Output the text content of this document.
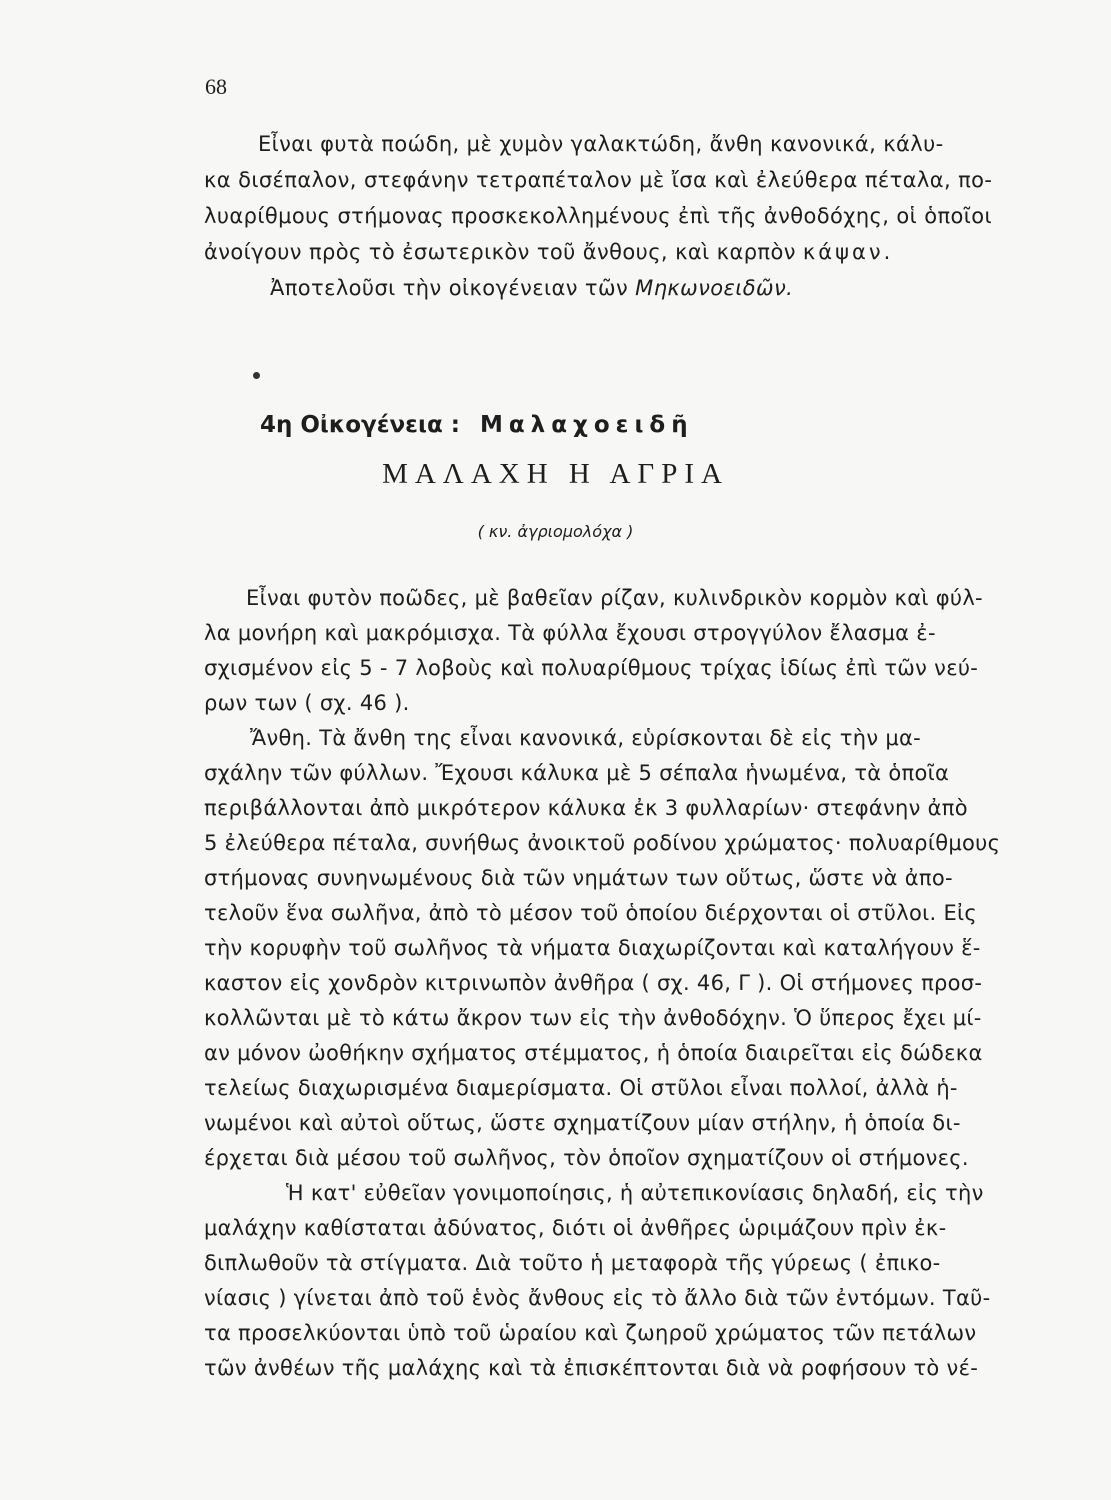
68

Εἶναι φυτὰ ποώδη, μὲ χυμὸν γαλακτώδη, ἄνθη κανονικά, κάλυ-

κα δισέπαλον, στεφάνην τετραπέταλον μὲ ἴσα καὶ ἐλεύθερα πέταλα, πο-

λυαρίθμους στήμονας προσκεκολλημένους ἐπὶ τῆς ἀνθοδόχης, οἱ ὁποῖοι

ἀνοίγουν πρὸς τὸ ἐσωτερικὸν τοῦ ἄνθους, καὶ καρπὸν κάψαν.

Ἀποτελοῦσι τὴν οἰκογένειαν τῶν Μηκωνοειδῶν.

4η Οἰκογένεια : Μαλαχοειδῆ
ΜΑΛΑΧΗ Η ΑΓΡΙΑ
( κν. ἀγριομολόχα )

Εἶναι φυτὸν ποῶδες, μὲ βαθεῖαν ρίζαν, κυλινδρικὸν κορμὸν καὶ φύλ-

λα μονήρη καὶ μακρόμισχα. Τὰ φύλλα ἔχουσι στρογγύλον ἔλασμα ἐ-

σχισμένον εἰς 5 - 7 λοβοὺς καὶ πολυαρίθμους τρίχας ἰδίως ἐπὶ τῶν νεύ-

ρων των ( σχ. 46 ).

Ἄνθη. Τὰ ἄνθη της εἶναι κανονικά, εὑρίσκονται δὲ εἰς τὴν μα-

σχάλην τῶν φύλλων. Ἔχουσι κάλυκα μὲ 5 σέπαλα ἡνωμένα, τὰ ὁποῖα

περιβάλλονται ἀπὸ μικρότερον κάλυκα ἐκ 3 φυλλαρίων· στεφάνην ἀπὸ

5 ἐλεύθερα πέταλα, συνήθως ἀνοικτοῦ ροδίνου χρώματος· πολυαρίθμους

στήμονας συνηνωμένους διὰ τῶν νημάτων των οὕτως, ὥστε νὰ ἀπο-

τελοῦν ἕνα σωλῆνα, ἀπὸ τὸ μέσον τοῦ ὁποίου διέρχονται οἱ στῦλοι. Εἰς

τὴν κορυφὴν τοῦ σωλῆνος τὰ νήματα διαχωρίζονται καὶ καταλήγουν ἕ-

καστον εἰς χονδρὸν κιτρινωπὸν ἀνθῆρα ( σχ. 46, Γ ). Οἱ στήμονες προσ-

κολλῶνται μὲ τὸ κάτω ἄκρον των εἰς τὴν ἀνθοδόχην. Ὁ ὕπερος ἔχει μί-

αν μόνον ὠοθήκην σχήματος στέμματος, ἡ ὁποία διαιρεῖται εἰς δώδεκα

τελείως διαχωρισμένα διαμερίσματα. Οἱ στῦλοι εἶναι πολλοί, ἀλλὰ ἡ-

νωμένοι καὶ αὐτοὶ οὕτως, ὥστε σχηματίζουν μίαν στήλην, ἡ ὁποία δι-

έρχεται διὰ μέσου τοῦ σωλῆνος, τὸν ὁποῖον σχηματίζουν οἱ στήμονες.

Ἡ κατ' εὐθεῖαν γονιμοποίησις, ἡ αὐτεπικονίασις δηλαδή, εἰς τὴν

μαλάχην καθίσταται ἀδύνατος, διότι οἱ ἀνθῆρες ὡριμάζουν πρὶν ἐκ-

διπλωθοῦν τὰ στίγματα. Διὰ τοῦτο ἡ μεταφορὰ τῆς γύρεως ( ἐπικο-

νίασις ) γίνεται ἀπὸ τοῦ ἑνὸς ἄνθους εἰς τὸ ἄλλο διὰ τῶν ἐντόμων. Ταῦ-

τα προσελκύονται ὑπὸ τοῦ ὡραίου καὶ ζωηροῦ χρώματος τῶν πετάλων

τῶν ἀνθέων τῆς μαλάχης καὶ τὰ ἐπισκέπτονται διὰ νὰ ροφήσουν τὸ νέ-
